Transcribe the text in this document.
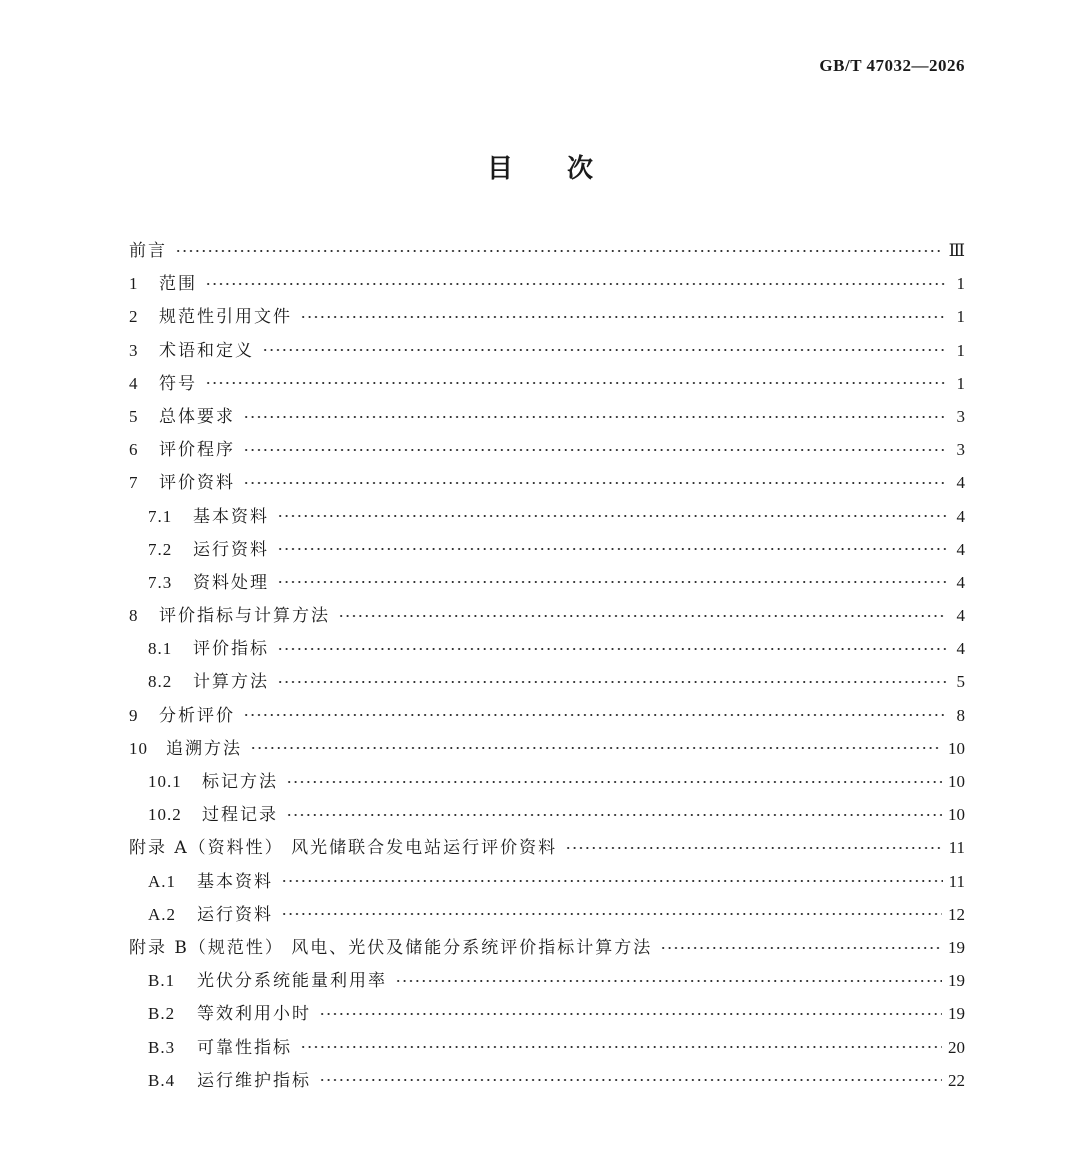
GB/T 47032—2026
目次
前言	Ⅲ
1	范围	1
2	规范性引用文件	1
3	术语和定义	1
4	符号	1
5	总体要求	3
6	评价程序	3
7	评价资料	4
7.1	基本资料	4
7.2	运行资料	4
7.3	资料处理	4
8	评价指标与计算方法	4
8.1	评价指标	4
8.2	计算方法	5
9	分析评价	8
10	追溯方法	10
10.1	标记方法	10
10.2	过程记录	10
附录 A（资料性） 风光储联合发电站运行评价资料	11
A.1	基本资料	11
A.2	运行资料	12
附录 B（规范性） 风电、光伏及储能分系统评价指标计算方法	19
B.1	光伏分系统能量利用率	19
B.2	等效利用小时	19
B.3	可靠性指标	20
B.4	运行维护指标	22
